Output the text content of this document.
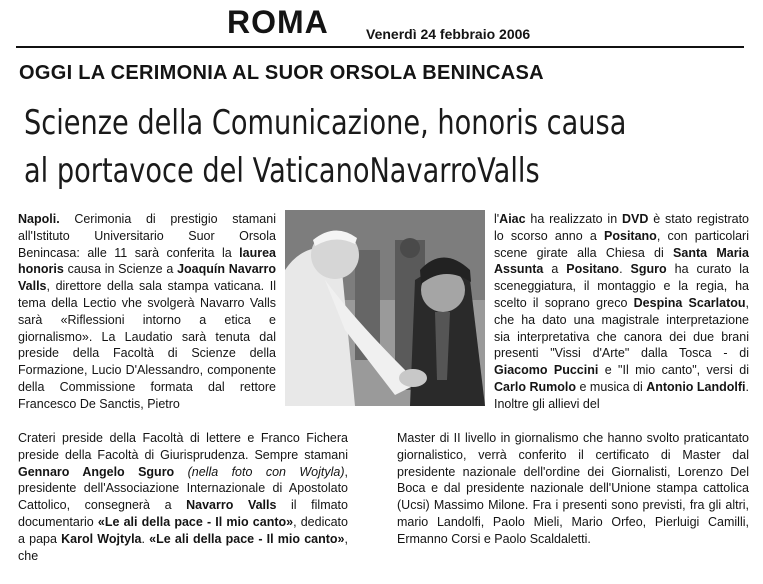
ROMA	Venerdì 24 febbraio 2006
OGGI LA CERIMONIA AL SUOR ORSOLA BENINCASA
Scienze della Comunicazione, honoris causa
al portavoce del VaticanoNavarroValls

Napoli. Cerimonia di prestigio stamani all'Istituto Universitario Suor Orsola Benincasa: alle 11 sarà conferita la laurea honoris causa in Scienze a Joaquín Navarro Valls, direttore della sala stampa vaticana. Il tema della Lectio vhe svolgerà Navarro Valls sarà «Riflessioni intorno a etica e giornalismo». La Laudatio sarà tenuta dal preside della Facoltà di Scienze della Formazione, Lucio D'Alessandro, componente della Commissione formata dal rettore Francesco De Sanctis, Pietro

l'Aiac ha realizzato in DVD è stato registrato lo scorso anno a Positano, con particolari scene girate alla Chiesa di Santa Maria Assunta a Positano. Sguro ha curato la sceneggiatura, il montaggio e la regia, ha scelto il soprano greco Despina Scarlatou, che ha dato una magistrale interpretazione sia interpretativa che canora dei due brani presenti "Vissi d'Arte" dalla Tosca - di Giacomo Puccini e "Il mio canto", versi di Carlo Rumolo e musica di Antonio Landolfi. Inoltre gli allievi del

Crateri preside della Facoltà di lettere e Franco Fichera preside della Facoltà di Giurisprudenza. Sempre stamani Gennaro Angelo Sguro (nella foto con Wojtyla), presidente dell'Associazione Internazionale di Apostolato Cattolico, consegnerà a Navarro Valls il filmato documentario «Le ali della pace - Il mio canto», dedicato a papa Karol Wojtyla. «Le ali della pace - Il mio canto», che

Master di II livello in giornalismo che hanno svolto praticantato giornalistico, verrà conferito il certificato di Master dal presidente nazionale dell'ordine dei Giornalisti, Lorenzo Del Boca e dal presidente nazionale dell'Unione stampa cattolica (Ucsi) Massimo Milone. Fra i presenti sono previsti, fra gli altri, mario Landolfi, Paolo Mieli, Mario Orfeo, Pierluigi Camilli, Ermanno Corsi e Paolo Scaldaletti.
